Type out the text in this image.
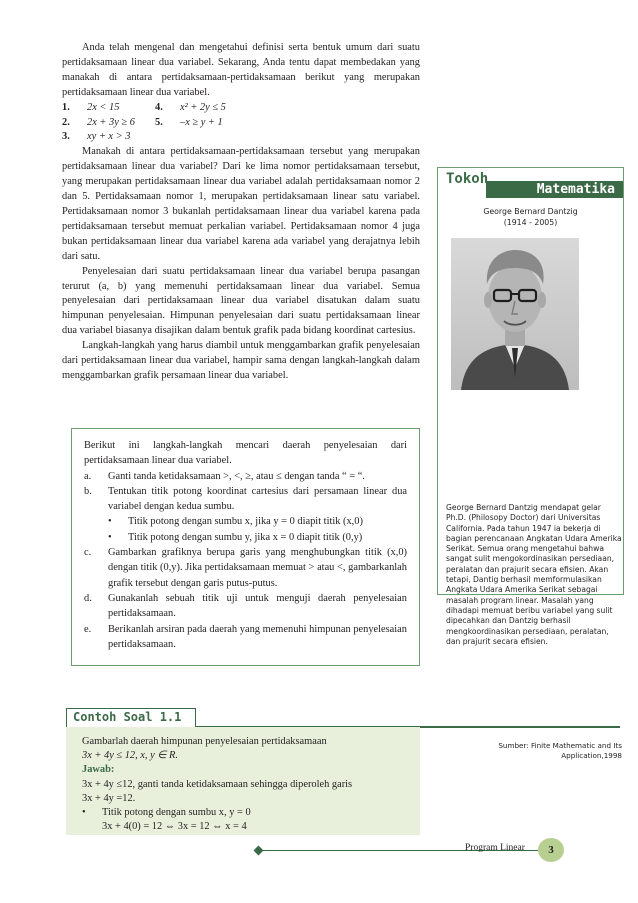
Anda telah mengenal dan mengetahui definisi serta bentuk umum dari suatu pertidaksamaan linear dua variabel. Sekarang, Anda tentu dapat membedakan yang manakah di antara pertidaksamaan-pertidaksamaan berikut yang merupakan pertidaksamaan linear dua variabel.

1. 2x < 15	4. x² + 2y ≤ 5
2. 2x + 3y ≥ 6	5. –x ≥ y + 1
3. xy + x > 3

Manakah di antara pertidaksamaan-pertidaksamaan tersebut yang merupakan pertidaksamaan linear dua variabel? Dari ke lima nomor pertidaksamaan tersebut, yang merupakan pertidaksamaan linear dua variabel adalah pertidaksamaan nomor 2 dan 5. Pertidaksamaan nomor 1, merupakan pertidaksamaan linear satu variabel. Pertidaksamaan nomor 3 bukanlah pertidaksamaan linear dua variabel karena pada pertidaksamaan tersebut memuat perkalian variabel. Pertidaksamaan nomor 4 juga bukan pertidaksamaan linear dua variabel karena ada variabel yang derajatnya lebih dari satu.

Penyelesaian dari suatu pertidaksamaan linear dua variabel berupa pasangan terurut (a, b) yang memenuhi pertidaksamaan linear dua variabel. Semua penyelesaian dari pertidaksamaan linear dua variabel disatukan dalam suatu himpunan penyelesaian. Himpunan penyelesaian dari suatu pertidaksamaan linear dua variabel biasanya disajikan dalam bentuk grafik pada bidang koordinat cartesius.

Langkah-langkah yang harus diambil untuk menggambarkan grafik penyelesaian dari pertidaksamaan linear dua variabel, hampir sama dengan langkah-langkah dalam menggambarkan grafik persamaan linear dua variabel.

Berikut ini langkah-langkah mencari daerah penyelesaian dari pertidaksamaan linear dua variabel.
a.	Ganti tanda ketidaksamaan >, <, ≥, atau ≤ dengan tanda “ = “.
b.	Tentukan titik potong koordinat cartesius dari persamaan linear dua variabel dengan kedua sumbu.
•	Titik potong dengan sumbu x, jika y = 0 diapit titik (x,0)
•	Titik potong dengan sumbu y, jika x = 0 diapit titik (0,y)
c.	Gambarkan grafiknya berupa garis yang menghubungkan titik (x,0) dengan titik (0,y). Jika pertidaksamaan memuat > atau <, gambarkanlah grafik tersebut dengan garis putus-putus.
d.	Gunakanlah sebuah titik uji untuk menguji daerah penyelesaian pertidaksamaan.
e.	Berikanlah arsiran pada daerah yang memenuhi himpunan penyelesaian pertidaksamaan.
Tokoh
Matematika
George Bernard Dantzig
(1914 - 2005)
George Bernard Dantzig mendapat gelar Ph.D. (Philosopy Doctor) dari Universitas California. Pada tahun 1947 ia bekerja di bagian perencanaan Angkatan Udara Amerika Serikat. Semua orang mengetahui bahwa sangat sulit mengokordinasikan persediaan, peralatan dan prajurit secara efisien. Akan tetapi, Dantig berhasil memformulasikan Angkata Udara Amerika Serikat sebagai masalah program linear. Masalah yang dihadapi memuat beribu variabel yang sulit dipecahkan dan Dantzig berhasil mengkoordinasikan persediaan, peralatan, dan prajurit secara efisien.
Sumber: Finite Mathematic and Its Application,1998
Contoh Soal 1.1
Gambarlah daerah himpunan penyelesaian pertidaksamaan
3x + 4y ≤ 12, x, y ∈ R.
Jawab:
3x + 4y ≤12, ganti tanda ketidaksamaan sehingga diperoleh garis
3x + 4y =12.
•	Titik potong dengan sumbu x, y = 0
3x + 4(0) = 12 ⇔ 3x = 12 ⇔ x = 4
Program Linear	3
